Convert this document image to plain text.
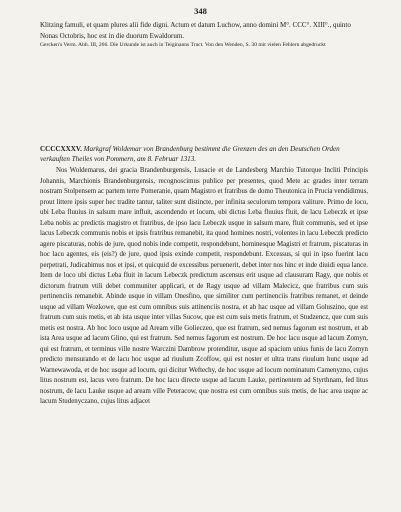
348

Klitzing famuli, et quam plures alii fide digni. Actum et datum Luchow, anno domini M°. CCC°. XIII°., quinto Nonas Octobris, hoc est in die duorum Ewaldorum.

Gercken's Verm. Abh. III, 266. Die Urkunde ist auch in Teiginanns Tract. Von den Wenden, S. 30 mit vielen Fehlern abgedruckt

CCCCXXXV. Markgraf Woldemar von Brandenburg bestimmt die Grenzen des an den Deutschen Orden verkauften Theiles von Pommern, am 8. Februar 1313.

Nos Woldemarus, dei gracia Brandenburgensis, Lusacie et de Landesberg Marchio Tutorque Incliti Principis Johannis, Marchionis Brandenburgensis, recognoscimus publice per presentes, quod Mete ac grades inter terram nostram Stolpensem ac partem terre Pomeranie, quam Magistro et fratribus de domo Theutonica in Prucia vendidimus, prout littere ipsis super hec tradite tantur, taliter sunt distincte, per infinita seculorum tempora valiture. Primo de loco, ubi Leba fluuius in salsum mare influit, ascendendo et locum, ubi dictus Leba fluuius fluit, de lacu Lebeczk et ipse Leba nobis ac predictis magistro et fratribus, de ipso lacu Lebeczk usque in salsum mare, fluit communis, sed et ipse lacus Lebeczk communis nobis et ipsis fratribus remanebit, ita quod homines nostri, volentes in lacu Lebeczk predicto agere piscaturas, nobis de jure, quod nobis inde competit, respondebunt, hominesque Magistri et fratrum, piscaturas in hoc lacu agentes, eis (eis?) de jure, quod ipsis exinde competit, respondebunt. Excessus, si qui in ipso fuerint lacu perpetrati, Judicabimus nos et ipsi, et quicquid de excessibus peruenerit, debet inter nos hinc et inde diuidi equa lance. Item de loco ubi dictus Leba fluit in lacum Lebeczk predictum ascensus erit usque ad clausuram Ragy, que nobis et dictorum fratrum vtili debet communiter applicari, et de Ragy usque ad villam Malecicz, que fratribus cum suis pertinenciis remanebit. Abinde usque in villam Onesfino, que similiter cum pertinenciis fratribus remanet, et deinde usque ad villam Wozkowe, que est cum omnibus suis attinenciis nostra, et ab hac usque ad villam Goluszino, que est fratrum cum suis metis, et ab ista usque inter villas Sucow, que est cum suis metis fratrum, et Studzencz, que cum suis metis est nostra. Ab hoc loco usque ad Aream ville Golieczeo, que est fratrum, sed nemus fagorum est nostrum, et ab ista Area usque ad lacum Glino, qui est fratrum. Sed nemus fagorum est nostrum. De hoc lacu usque ad lacum Zomyn, qui est fratrum, et terminus ville nostre Warczini Dambrow protenditur, usque ad spacium unius funis de lacu Zomyn predicto mensurando et de lacu hoc usque ad riuulum Zcoffow, qui est noster et ultra trans riuulum hunc usque ad Warnewawoda, et de hoc usque ad locum, qui dicitur Weftechy, de hoc usque ad locum nominatum Camenyzno, cujus litus nostrum est, lacus vero fratrum. De hoc lacu directe usque ad lacum Lauke, pertinentem ad Styrthnam, fed litus nostrum, de lacu Lauke usque ad aream ville Peteracow, que nostra est cum omnibus suis metis, de hac area usque ac lacum Studenyczano, cujus litus adjacet
